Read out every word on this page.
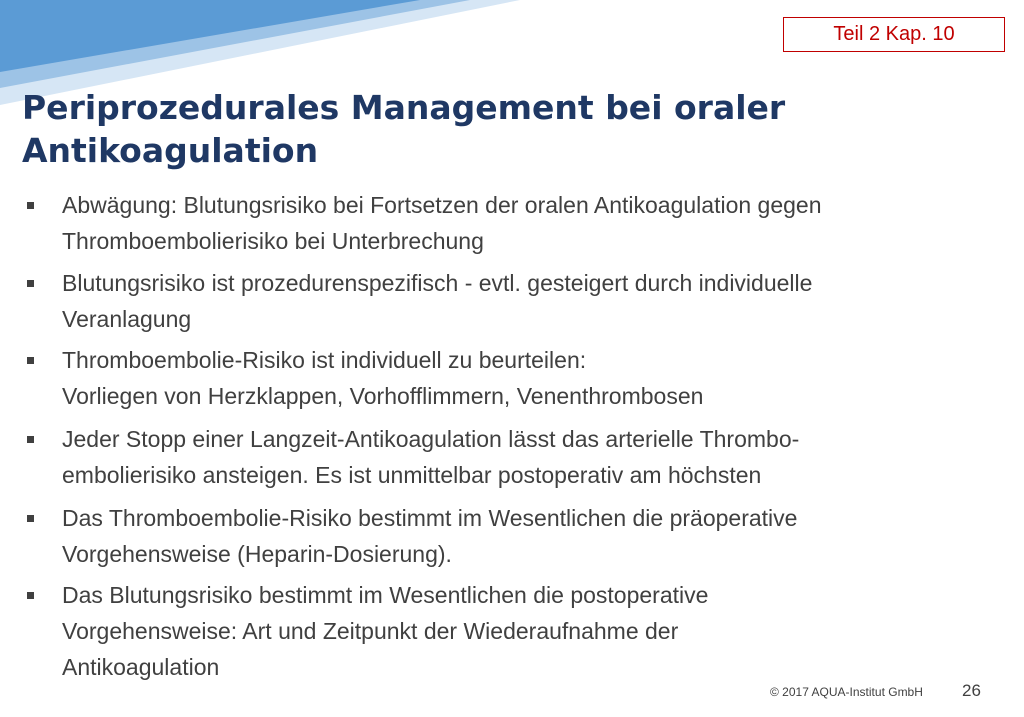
Teil 2 Kap. 10
Periprozedurales Management bei oraler
Antikoagulation
Abwägung: Blutungsrisiko bei Fortsetzen der oralen Antikoagulation gegen
Thromboembolierisiko bei Unterbrechung
Blutungsrisiko ist prozedurenspezifisch - evtl. gesteigert durch individuelle
Veranlagung
Thromboembolie-Risiko ist individuell zu beurteilen:
Vorliegen von Herzklappen, Vorhofflimmern, Venenthrombosen
Jeder Stopp einer Langzeit-Antikoagulation lässt das arterielle Thrombo-
embolierisiko ansteigen. Es ist unmittelbar postoperativ am höchsten
Das Thromboembolie-Risiko bestimmt im Wesentlichen die präoperative
Vorgehensweise (Heparin-Dosierung).
Das Blutungsrisiko bestimmt im Wesentlichen die postoperative
Vorgehensweise: Art und Zeitpunkt der Wiederaufnahme der
Antikoagulation
© 2017 AQUA-Institut GmbH	26
